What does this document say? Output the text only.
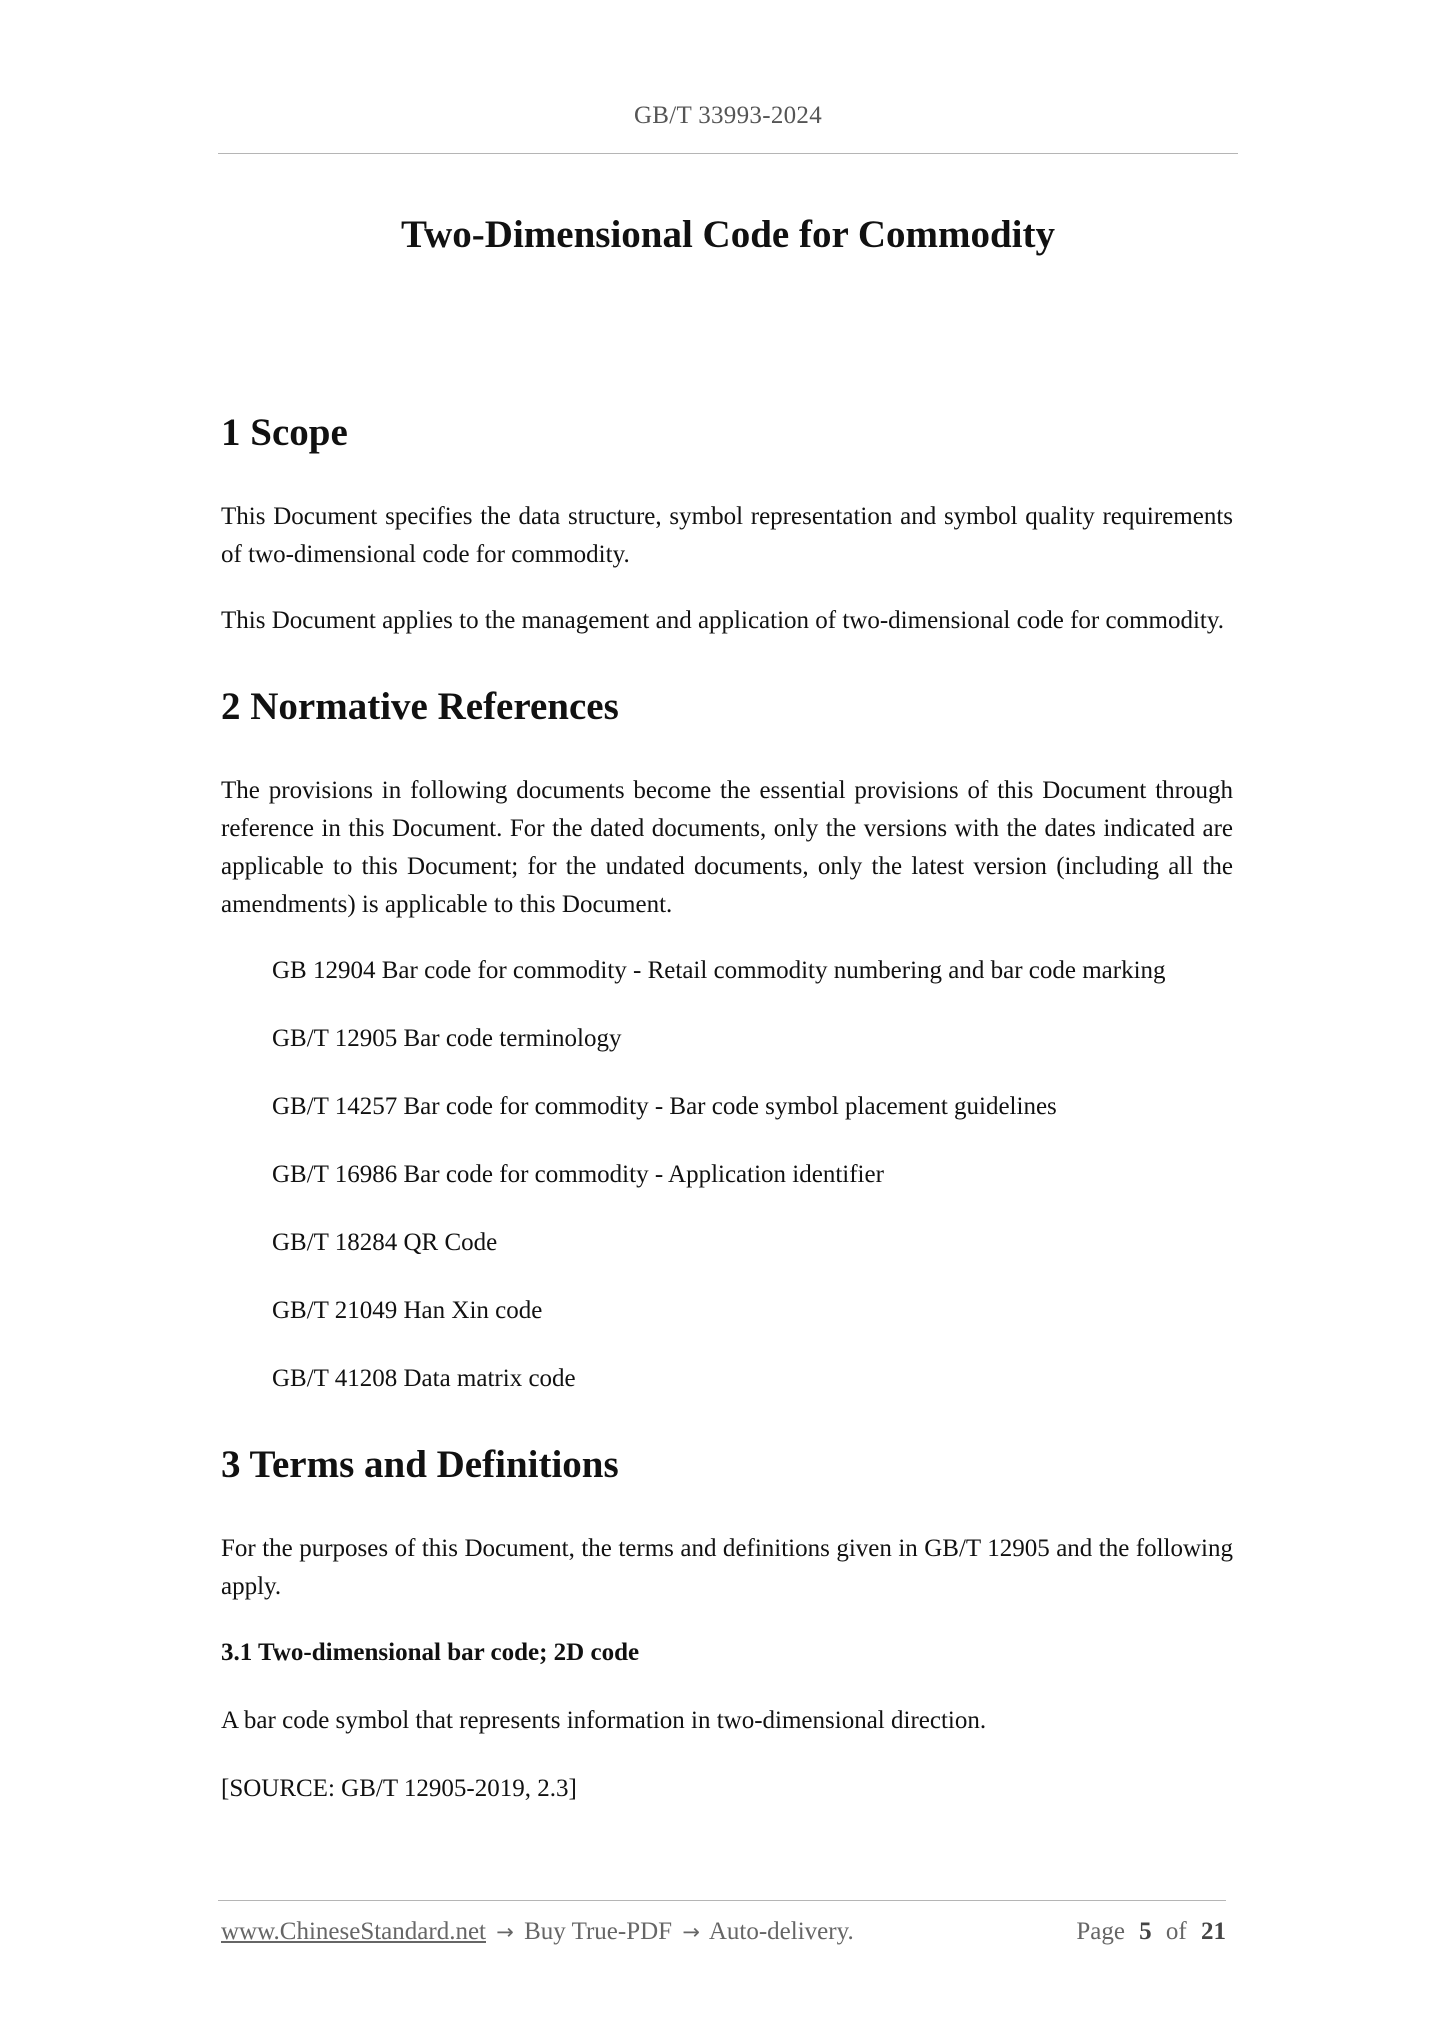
GB/T 33993-2024
Two-Dimensional Code for Commodity
1 Scope

This Document specifies the data structure, symbol representation and symbol quality requirements of two-dimensional code for commodity.

This Document applies to the management and application of two-dimensional code for commodity.

2 Normative References

The provisions in following documents become the essential provisions of this Document through reference in this Document. For the dated documents, only the versions with the dates indicated are applicable to this Document; for the undated documents, only the latest version (including all the amendments) is applicable to this Document.

GB 12904 Bar code for commodity - Retail commodity numbering and bar code marking

GB/T 12905 Bar code terminology

GB/T 14257 Bar code for commodity - Bar code symbol placement guidelines

GB/T 16986 Bar code for commodity - Application identifier

GB/T 18284 QR Code

GB/T 21049 Han Xin code

GB/T 41208 Data matrix code

3 Terms and Definitions

For the purposes of this Document, the terms and definitions given in GB/T 12905 and the following apply.

3.1 Two-dimensional bar code; 2D code

A bar code symbol that represents information in two-dimensional direction.

[SOURCE: GB/T 12905-2019, 2.3]

www.ChineseStandard.net → Buy True-PDF → Auto-delivery.	Page 5 of 21
